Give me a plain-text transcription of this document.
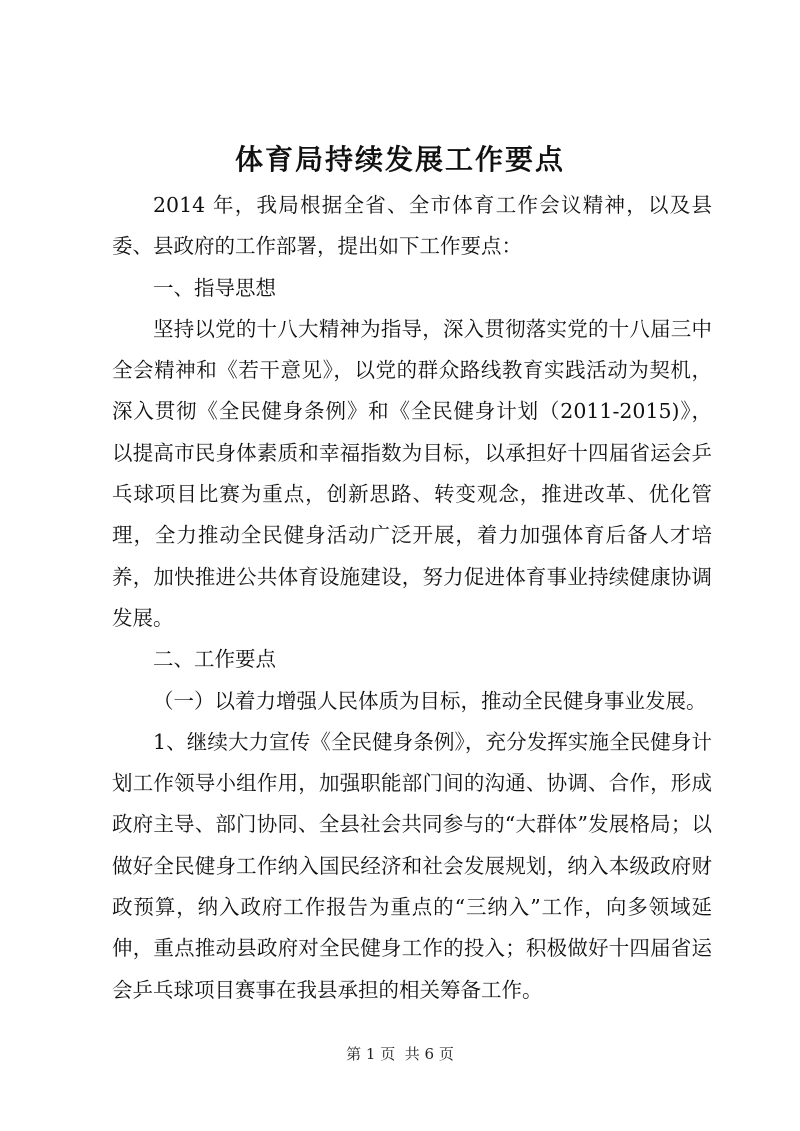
体育局持续发展工作要点

2014 年，我局根据全省、全市体育工作会议精神，以及县委、县政府的工作部署，提出如下工作要点：

一、指导思想

坚持以党的十八大精神为指导，深入贯彻落实党的十八届三中全会精神和《若干意见》，以党的群众路线教育实践活动为契机，深入贯彻《全民健身条例》和《全民健身计划（2011-2015)》，以提高市民身体素质和幸福指数为目标，以承担好十四届省运会乒乓球项目比赛为重点，创新思路、转变观念，推进改革、优化管理，全力推动全民健身活动广泛开展，着力加强体育后备人才培养，加快推进公共体育设施建设，努力促进体育事业持续健康协调发展。

二、工作要点

（一）以着力增强人民体质为目标，推动全民健身事业发展。

1、继续大力宣传《全民健身条例》，充分发挥实施全民健身计划工作领导小组作用，加强职能部门间的沟通、协调、合作，形成政府主导、部门协同、全县社会共同参与的“大群体”发展格局；以做好全民健身工作纳入国民经济和社会发展规划，纳入本级政府财政预算，纳入政府工作报告为重点的“三纳入”工作，向多领域延伸，重点推动县政府对全民健身工作的投入；积极做好十四届省运会乒乓球项目赛事在我县承担的相关筹备工作。

第 1 页  共 6 页
